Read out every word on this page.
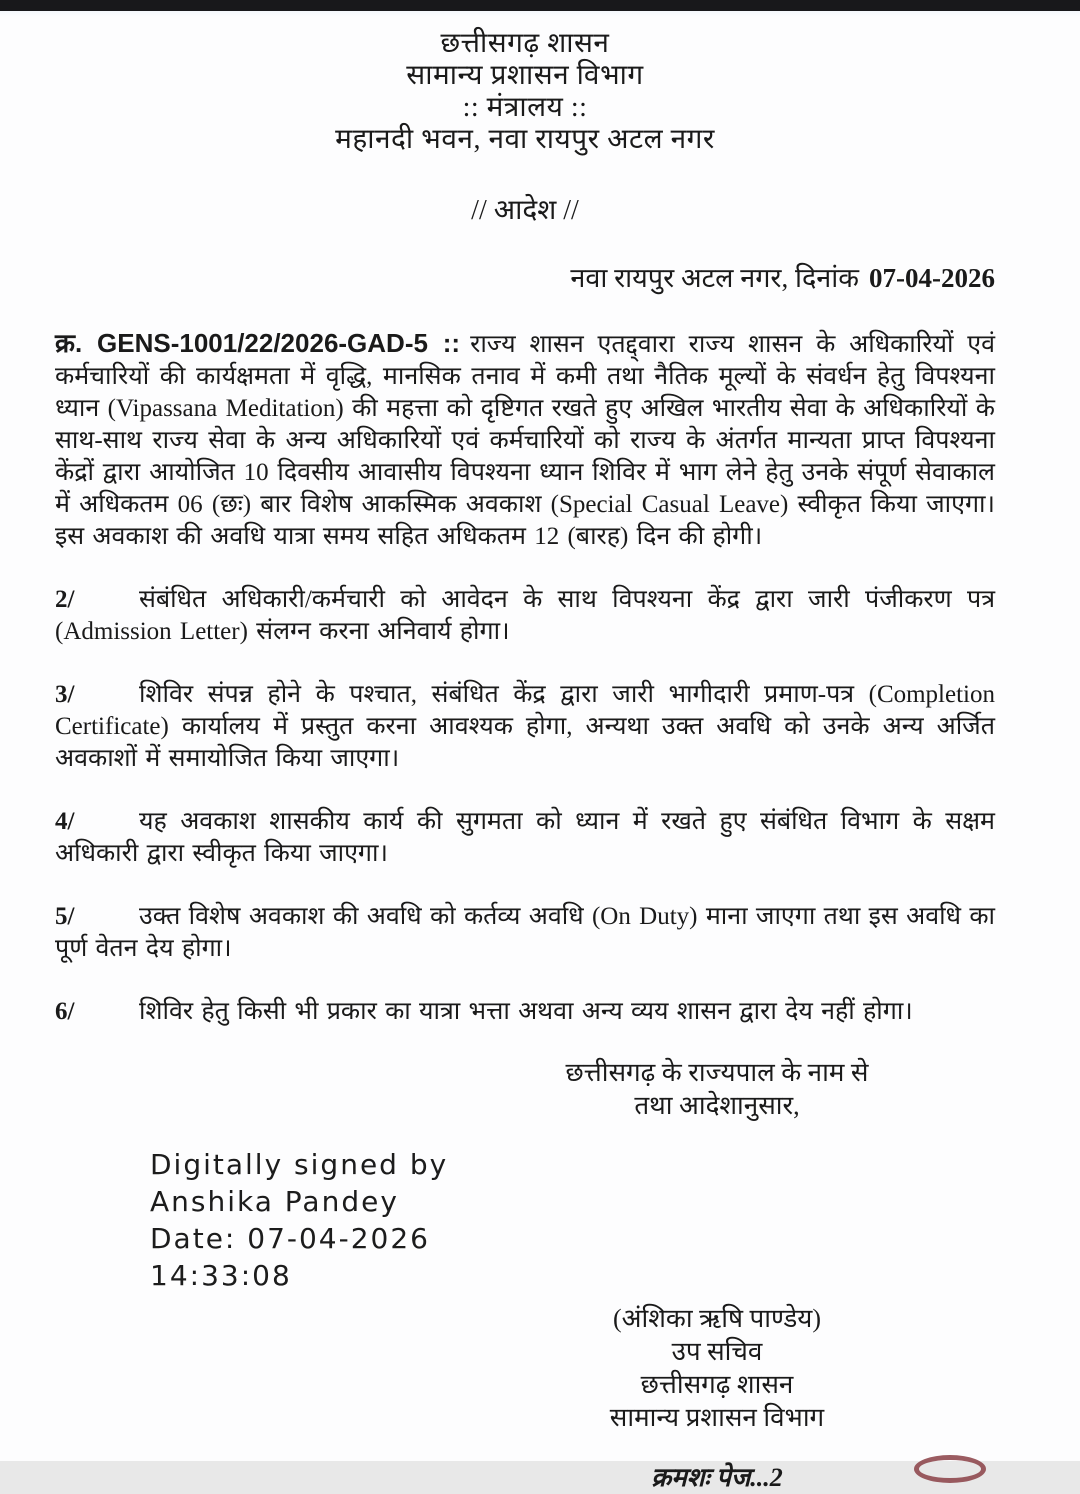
छत्तीसगढ़ शासन
सामान्य प्रशासन विभाग
:: मंत्रालय ::
महानदी भवन, नवा रायपुर अटल नगर
// आदेश //
नवा रायपुर अटल नगर, दिनांक 07-04-2026

क्र. GENS-1001/22/2026-GAD-5 :: राज्य शासन एतद्द्वारा राज्य शासन के अधिकारियों एवं कर्मचारियों की कार्यक्षमता में वृद्धि, मानसिक तनाव में कमी तथा नैतिक मूल्यों के संवर्धन हेतु विपश्यना ध्यान (Vipassana Meditation) की महत्ता को दृष्टिगत रखते हुए अखिल भारतीय सेवा के अधिकारियों के साथ-साथ राज्य सेवा के अन्य अधिकारियों एवं कर्मचारियों को राज्य के अंतर्गत मान्यता प्राप्त विपश्यना केंद्रों द्वारा आयोजित 10 दिवसीय आवासीय विपश्यना ध्यान शिविर में भाग लेने हेतु उनके संपूर्ण सेवाकाल में अधिकतम 06 (छः) बार विशेष आकस्मिक अवकाश (Special Casual Leave) स्वीकृत किया जाएगा। इस अवकाश की अवधि यात्रा समय सहित अधिकतम 12 (बारह) दिन की होगी।

2/	संबंधित अधिकारी/कर्मचारी को आवेदन के साथ विपश्यना केंद्र द्वारा जारी पंजीकरण पत्र (Admission Letter) संलग्न करना अनिवार्य होगा।

3/	शिविर संपन्न होने के पश्चात, संबंधित केंद्र द्वारा जारी भागीदारी प्रमाण-पत्र (Completion Certificate) कार्यालय में प्रस्तुत करना आवश्यक होगा, अन्यथा उक्त अवधि को उनके अन्य अर्जित अवकाशों में समायोजित किया जाएगा।

4/	यह अवकाश शासकीय कार्य की सुगमता को ध्यान में रखते हुए संबंधित विभाग के सक्षम अधिकारी द्वारा स्वीकृत किया जाएगा।

5/	उक्त विशेष अवकाश की अवधि को कर्तव्य अवधि (On Duty) माना जाएगा तथा इस अवधि का पूर्ण वेतन देय होगा।

6/	शिविर हेतु किसी भी प्रकार का यात्रा भत्ता अथवा अन्य व्यय शासन द्वारा देय नहीं होगा।

छत्तीसगढ़ के राज्यपाल के नाम से
तथा आदेशानुसार,
Digitally signed by
Anshika Pandey
Date: 07-04-2026
14:33:08
(अंशिका ऋषि पाण्डेय)
उप सचिव
छत्तीसगढ़ शासन
सामान्य प्रशासन विभाग
क्रमशः पेज...2
